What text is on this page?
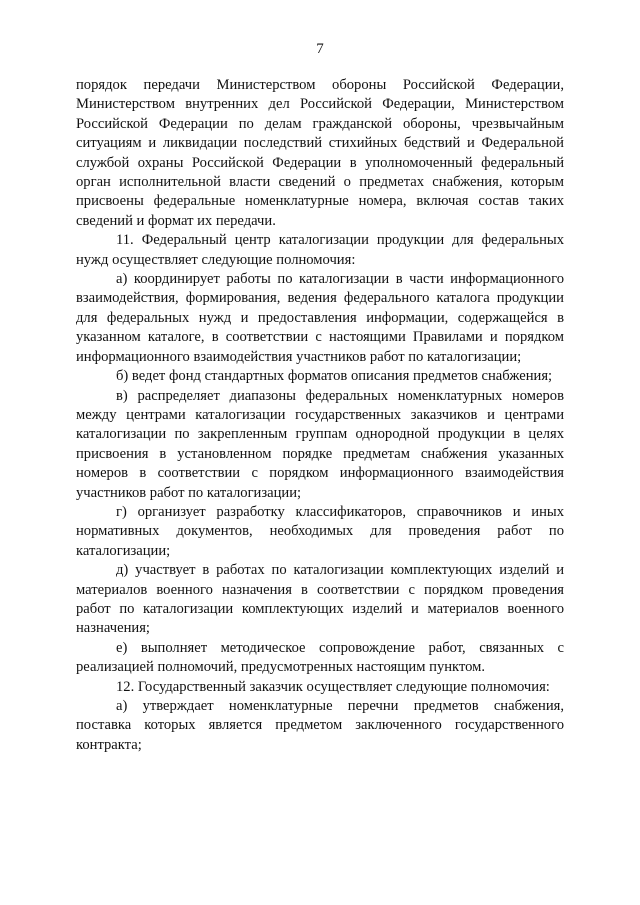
7

порядок передачи Министерством обороны Российской Федерации, Министерством внутренних дел Российской Федерации, Министерством Российской Федерации по делам гражданской обороны, чрезвычайным ситуациям и ликвидации последствий стихийных бедствий и Федеральной службой охраны Российской Федерации в уполномоченный федеральный орган исполнительной власти сведений о предметах снабжения, которым присвоены федеральные номенклатурные номера, включая состав таких сведений и формат их передачи.

11. Федеральный центр каталогизации продукции для федеральных нужд осуществляет следующие полномочия:

а) координирует работы по каталогизации в части информационного взаимодействия, формирования, ведения федерального каталога продукции для федеральных нужд и предоставления информации, содержащейся в указанном каталоге, в соответствии с настоящими Правилами и порядком информационного взаимодействия участников работ по каталогизации;

б) ведет фонд стандартных форматов описания предметов снабжения;

в) распределяет диапазоны федеральных номенклатурных номеров между центрами каталогизации государственных заказчиков и центрами каталогизации по закрепленным группам однородной продукции в целях присвоения в установленном порядке предметам снабжения указанных номеров в соответствии с порядком информационного взаимодействия участников работ по каталогизации;

г) организует разработку классификаторов, справочников и иных нормативных документов, необходимых для проведения работ по каталогизации;

д) участвует в работах по каталогизации комплектующих изделий и материалов военного назначения в соответствии с порядком проведения работ по каталогизации комплектующих изделий и материалов военного назначения;

е) выполняет методическое сопровождение работ, связанных с реализацией полномочий, предусмотренных настоящим пунктом.

12. Государственный заказчик осуществляет следующие полномочия:

а) утверждает номенклатурные перечни предметов снабжения, поставка которых является предметом заключенного государственного контракта;
